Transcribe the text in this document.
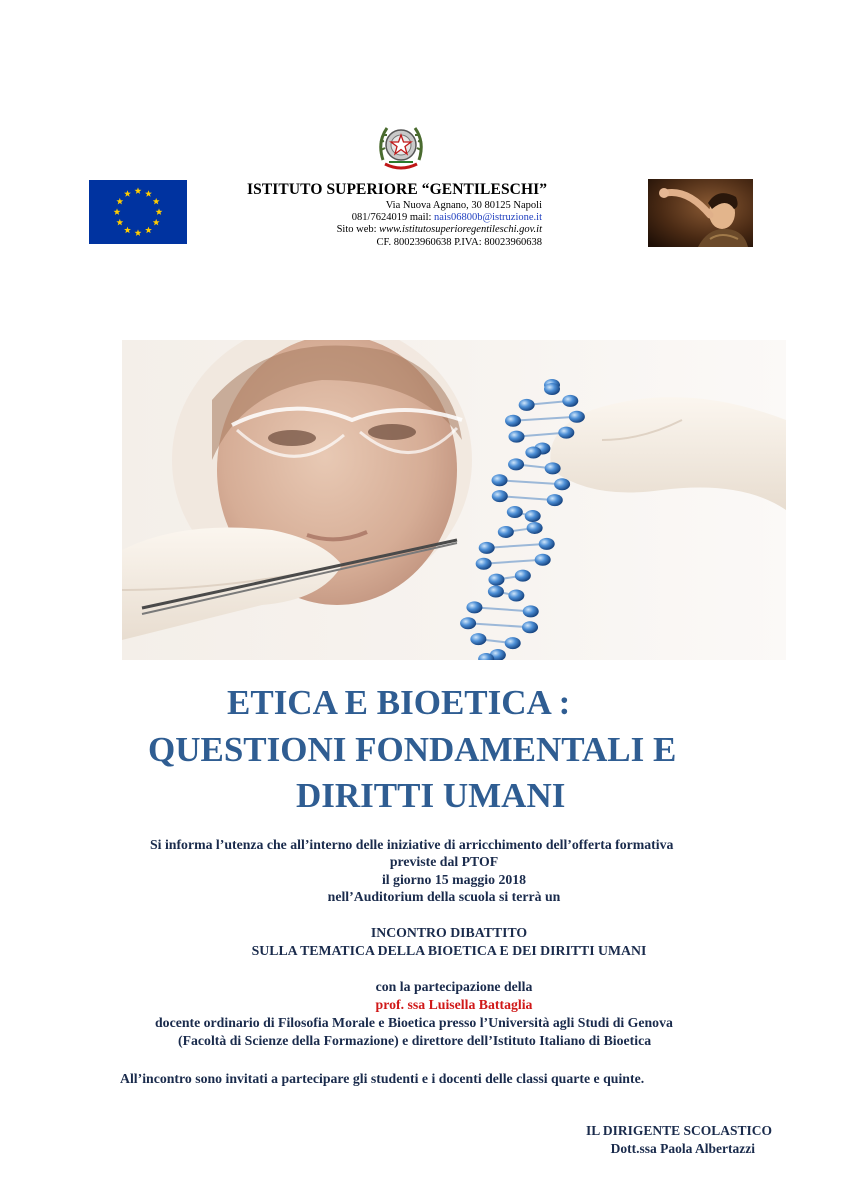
ISTITUTO SUPERIORE “GENTILESCHI”
Via Nuova Agnano, 30 80125 Napoli
081/7624019 mail: nais06800b@istruzione.it
Sito web: www.istitutosuperioregentileschi.gov.it
CF. 80023960638 P.IVA: 80023960638
ETICA E BIOETICA :
QUESTIONI FONDAMENTALI E
DIRITTI UMANI
Si informa l’utenza che all’interno delle iniziative di arricchimento dell’offerta formativa
previste dal PTOF
il giorno 15 maggio 2018
nell’Auditorium della scuola si terrà un
INCONTRO DIBATTITO
SULLA TEMATICA DELLA BIOETICA E DEI DIRITTI UMANI
con la partecipazione della
prof. ssa Luisella Battaglia
docente ordinario di Filosofia Morale e Bioetica presso l’Università agli Studi di Genova
(Facoltà di Scienze della Formazione) e direttore dell’Istituto Italiano di Bioetica
All’incontro sono invitati a partecipare gli studenti e i docenti delle classi quarte e quinte.
IL DIRIGENTE SCOLASTICO
Dott.ssa Paola Albertazzi
